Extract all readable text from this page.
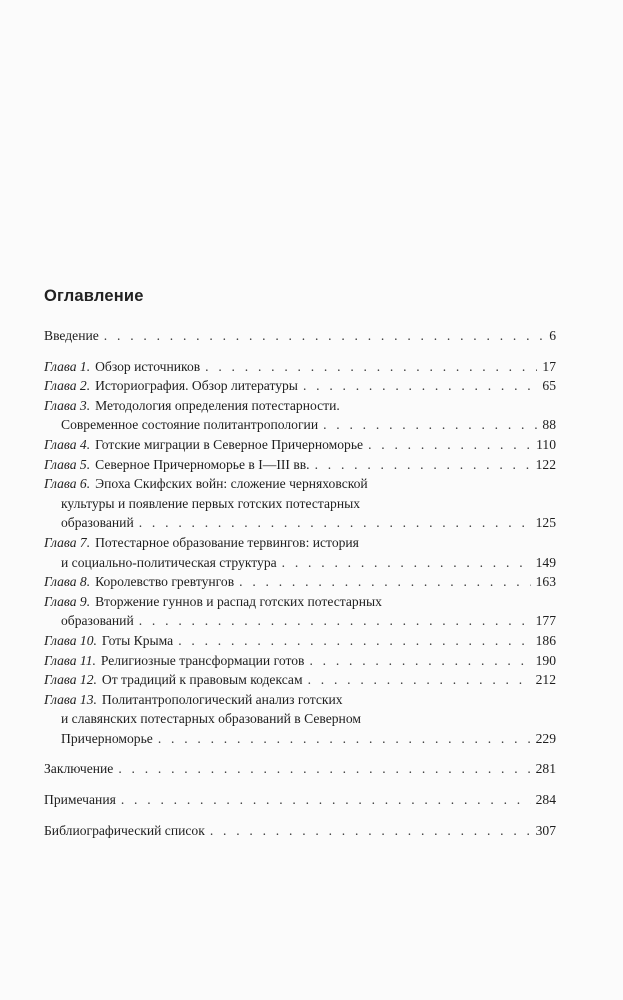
Оглавление
Введение . . .	6
Глава 1. Обзор источников . . .	17
Глава 2. Историография. Обзор литературы . . .	65
Глава 3. Методология определения потестарности.
Современное состояние политантропологии . . .	88
Глава 4. Готские миграции в Северное Причерноморье . . .	110
Глава 5. Северное Причерноморье в I—III вв. . . .	122
Глава 6. Эпоха Скифских войн: сложение черняховской
культуры и появление первых готских потестарных
образований . . .	125
Глава 7. Потестарное образование тервингов: история
и социально-политическая структура . . .	149
Глава 8. Королевство гревтунгов . . .	163
Глава 9. Вторжение гуннов и распад готских потестарных
образований . . .	177
Глава 10. Готы Крыма . . .	186
Глава 11. Религиозные трансформации готов . . .	190
Глава 12. От традиций к правовым кодексам . . .	212
Глава 13. Политантропологический анализ готских
и славянских потестарных образований в Северном
Причерноморье . . .	229
Заключение . . .	281
Примечания . . .	284
Библиографический список . . .	307
